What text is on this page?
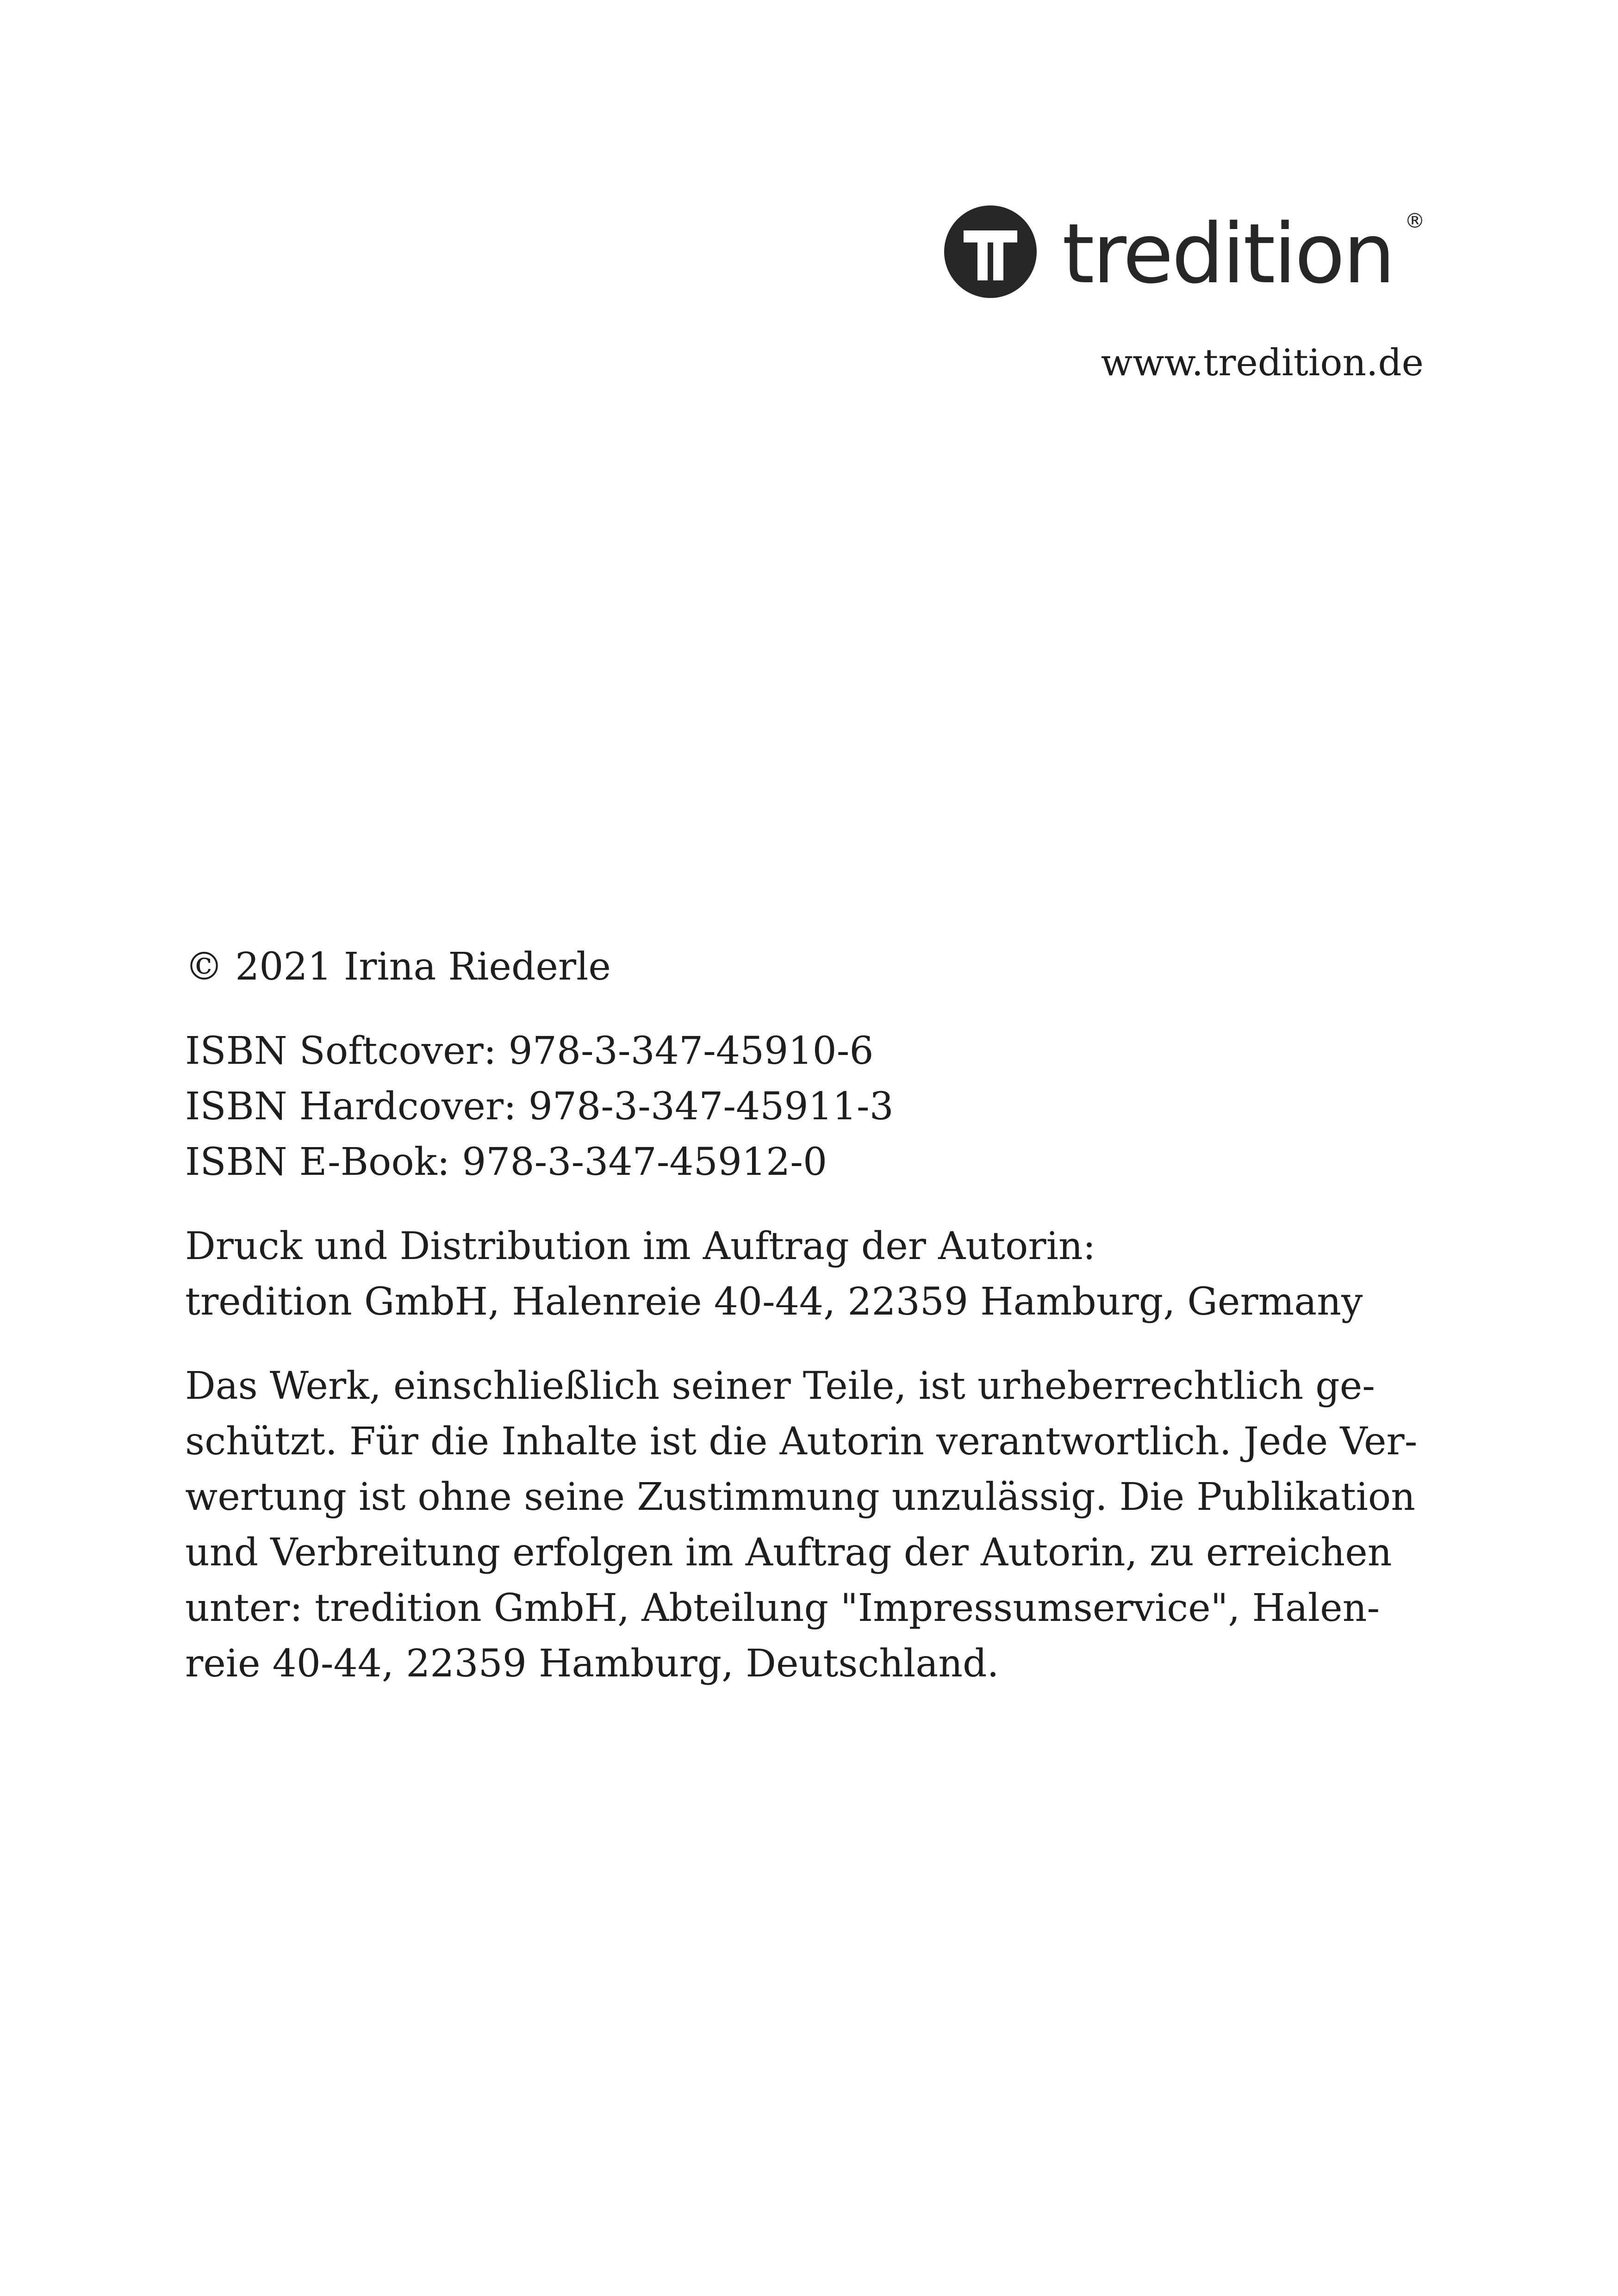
tredition ®
www.tredition.de

© 2021 Irina Riederle

ISBN Softcover: 978-3-347-45910-6

ISBN Hardcover: 978-3-347-45911-3

ISBN E-Book: 978-3-347-45912-0

Druck und Distribution im Auftrag der Autorin:

tredition GmbH, Halenreie 40-44, 22359 Hamburg, Germany

Das Werk, einschließlich seiner Teile, ist urheberrechtlich ge-

schützt. Für die Inhalte ist die Autorin verantwortlich. Jede Ver-

wertung ist ohne seine Zustimmung unzulässig. Die Publikation

und Verbreitung erfolgen im Auftrag der Autorin, zu erreichen

unter: tredition GmbH, Abteilung "Impressumservice", Halen-

reie 40-44, 22359 Hamburg, Deutschland.
